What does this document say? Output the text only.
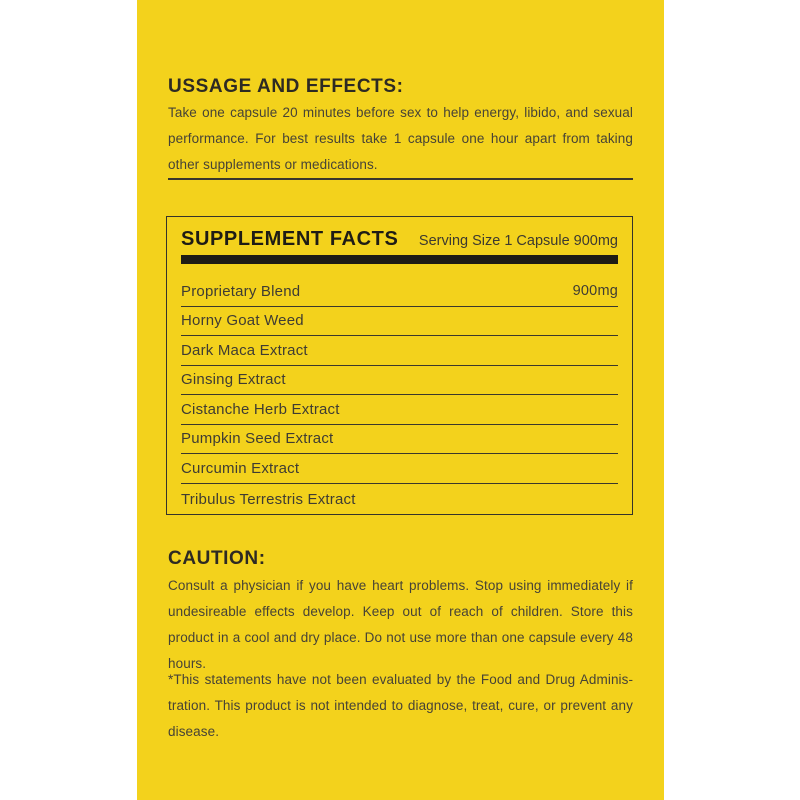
USSAGE AND EFFECTS:

Take one capsule 20 minutes before sex to help energy, libido, and sexual performance. For best results take 1 capsule one hour apart from taking other supplements or medications.

SUPPLEMENT FACTS Serving Size 1 Capsule 900mg
Proprietary Blend	900mg
Horny Goat Weed
Dark Maca Extract
Ginsing Extract
Cistanche Herb Extract
Pumpkin Seed Extract
Curcumin Extract
Tribulus Terrestris Extract
CAUTION:

Consult a physician if you have heart problems. Stop using immediately if undesireable effects develop. Keep out of reach of children. Store this product in a cool and dry place. Do not use more than one capsule every 48 hours.

*This statements have not been evaluated by the Food and Drug Administration. This product is not intended to diagnose, treat, cure, or prevent any disease.
